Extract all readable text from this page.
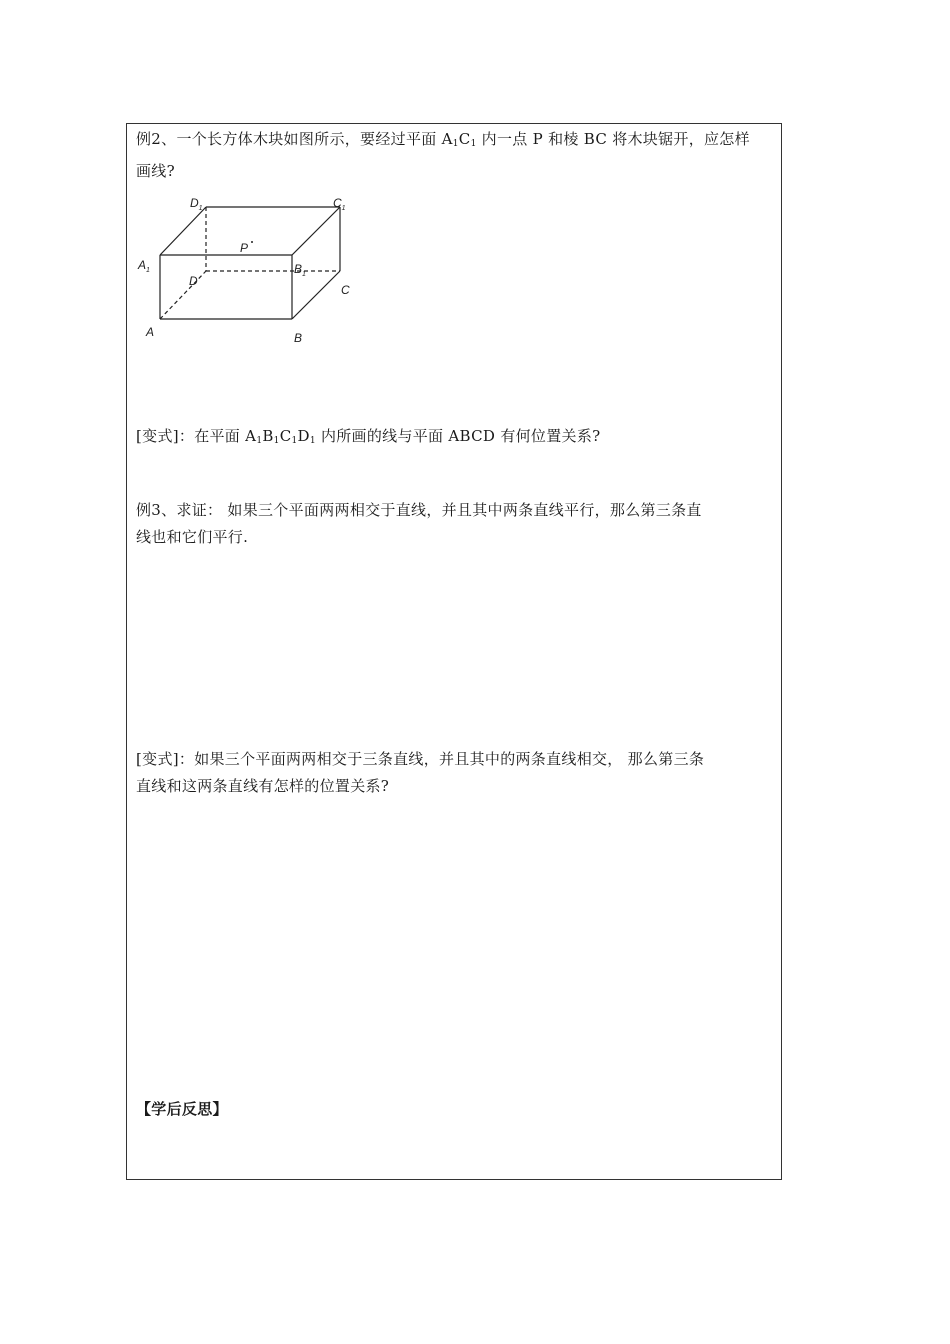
例2、一个长方体木块如图所示，要经过平面 $A_1C_1$ 内一点 P 和棱 BC 将木块锯开，应怎样
画线?

$D_1$	$C_1$
P
$A_1$	$B_1$
D
C
A	B

[变式]：在平面 $A_1B_1C_1D_1$ 内所画的线与平面 ABCD 有何位置关系?

例3、求证： 如果三个平面两两相交于直线，并且其中两条直线平行，那么第三条直
线也和它们平行.

[变式]：如果三个平面两两相交于三条直线，并且其中的两条直线相交， 那么第三条
直线和这两条直线有怎样的位置关系?

【学后反思】
